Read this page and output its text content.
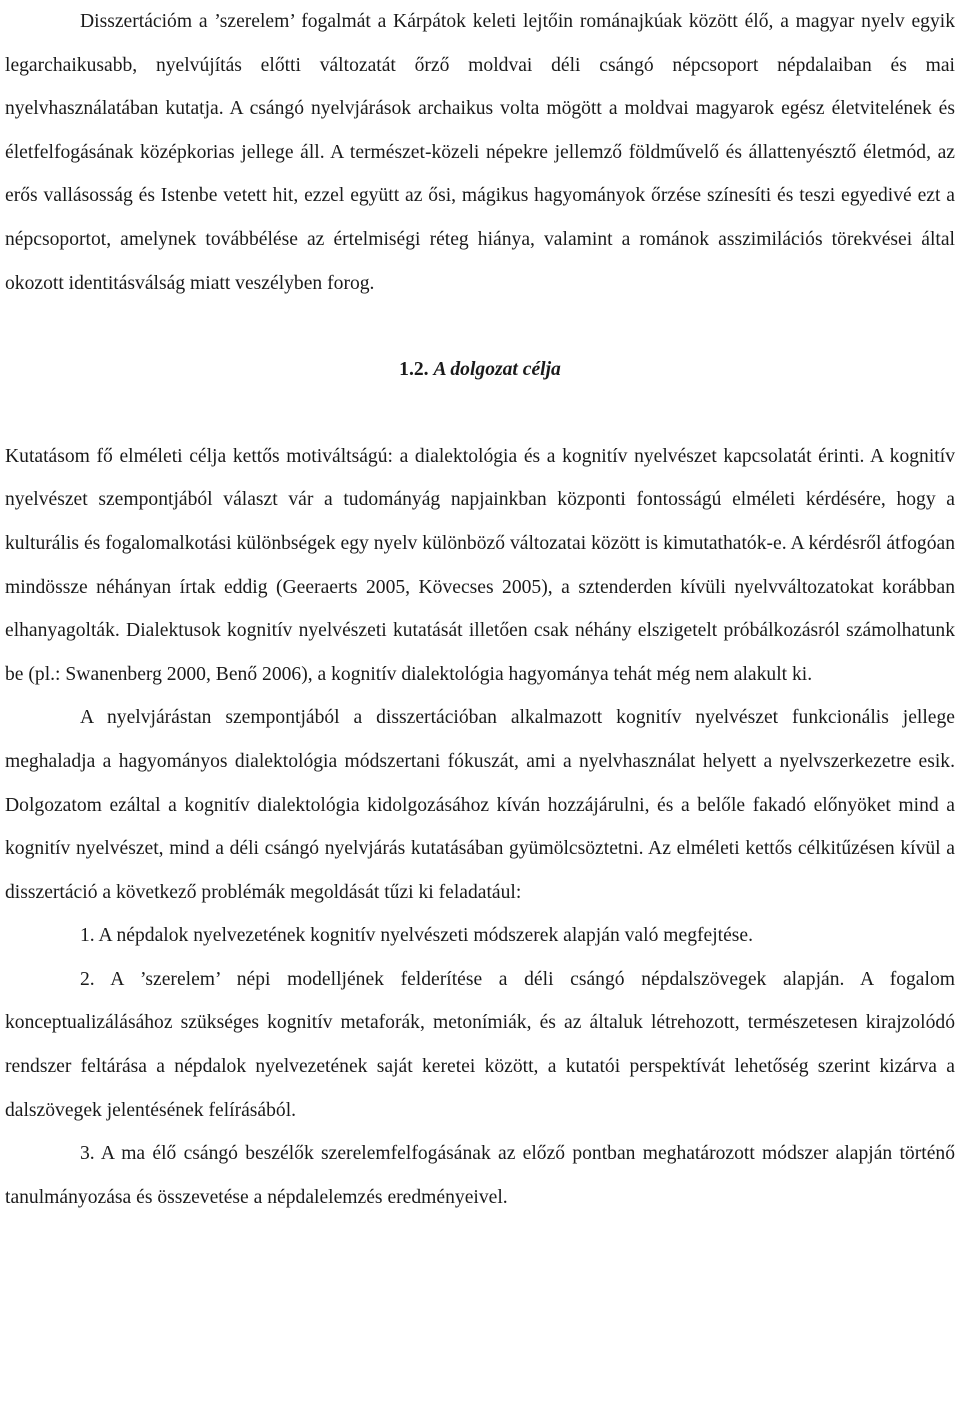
Disszertációm a ’szerelem’ fogalmát a Kárpátok keleti lejtőin románajkúak között élő, a magyar nyelv egyik legarchaikusabb, nyelvújítás előtti változatát őrző moldvai déli csángó népcsoport népdalaiban és mai nyelvhasználatában kutatja. A csángó nyelvjárások archaikus volta mögött a moldvai magyarok egész életvitelének és életfelfogásának középkorias jellege áll. A természet-közeli népekre jellemző földművelő és állattenyésztő életmód, az erős vallásosság és Istenbe vetett hit, ezzel együtt az ősi, mágikus hagyományok őrzése színesíti és teszi egyedivé ezt a népcsoportot, amelynek továbbélése az értelmiségi réteg hiánya, valamint a románok asszimilációs törekvései által okozott identitásválság miatt veszélyben forog.

1.2. A dolgozat célja

Kutatásom fő elméleti célja kettős motiváltságú: a dialektológia és a kognitív nyelvészet kapcsolatát érinti. A kognitív nyelvészet szempontjából választ vár a tudományág napjainkban központi fontosságú elméleti kérdésére, hogy a kulturális és fogalomalkotási különbségek egy nyelv különböző változatai között is kimutathatók-e. A kérdésről átfogóan mindössze néhányan írtak eddig (Geeraerts 2005, Kövecses 2005), a sztenderden kívüli nyelvváltozatokat korábban elhanyagolták. Dialektusok kognitív nyelvészeti kutatását illetően csak néhány elszigetelt próbálkozásról számolhatunk be (pl.: Swanenberg 2000, Benő 2006), a kognitív dialektológia hagyománya tehát még nem alakult ki.

A nyelvjárástan szempontjából a disszertációban alkalmazott kognitív nyelvészet funkcionális jellege meghaladja a hagyományos dialektológia módszertani fókuszát, ami a nyelvhasználat helyett a nyelvszerkezetre esik. Dolgozatom ezáltal a kognitív dialektológia kidolgozásához kíván hozzájárulni, és a belőle fakadó előnyöket mind a kognitív nyelvészet, mind a déli csángó nyelvjárás kutatásában gyümölcsöztetni. Az elméleti kettős célkitűzésen kívül a disszertáció a következő problémák megoldását tűzi ki feladatául:

1. A népdalok nyelvezetének kognitív nyelvészeti módszerek alapján való megfejtése.

2. A ’szerelem’ népi modelljének felderítése a déli csángó népdalszövegek alapján. A fogalom konceptualizálásához szükséges kognitív metaforák, metonímiák, és az általuk létrehozott, természetesen kirajzolódó rendszer feltárása a népdalok nyelvezetének saját keretei között, a kutatói perspektívát lehetőség szerint kizárva a dalszövegek jelentésének felírásából.

3. A ma élő csángó beszélők szerelemfelfogásának az előző pontban meghatározott módszer alapján történő tanulmányozása és összevetése a népdalelemzés eredményeivel.
